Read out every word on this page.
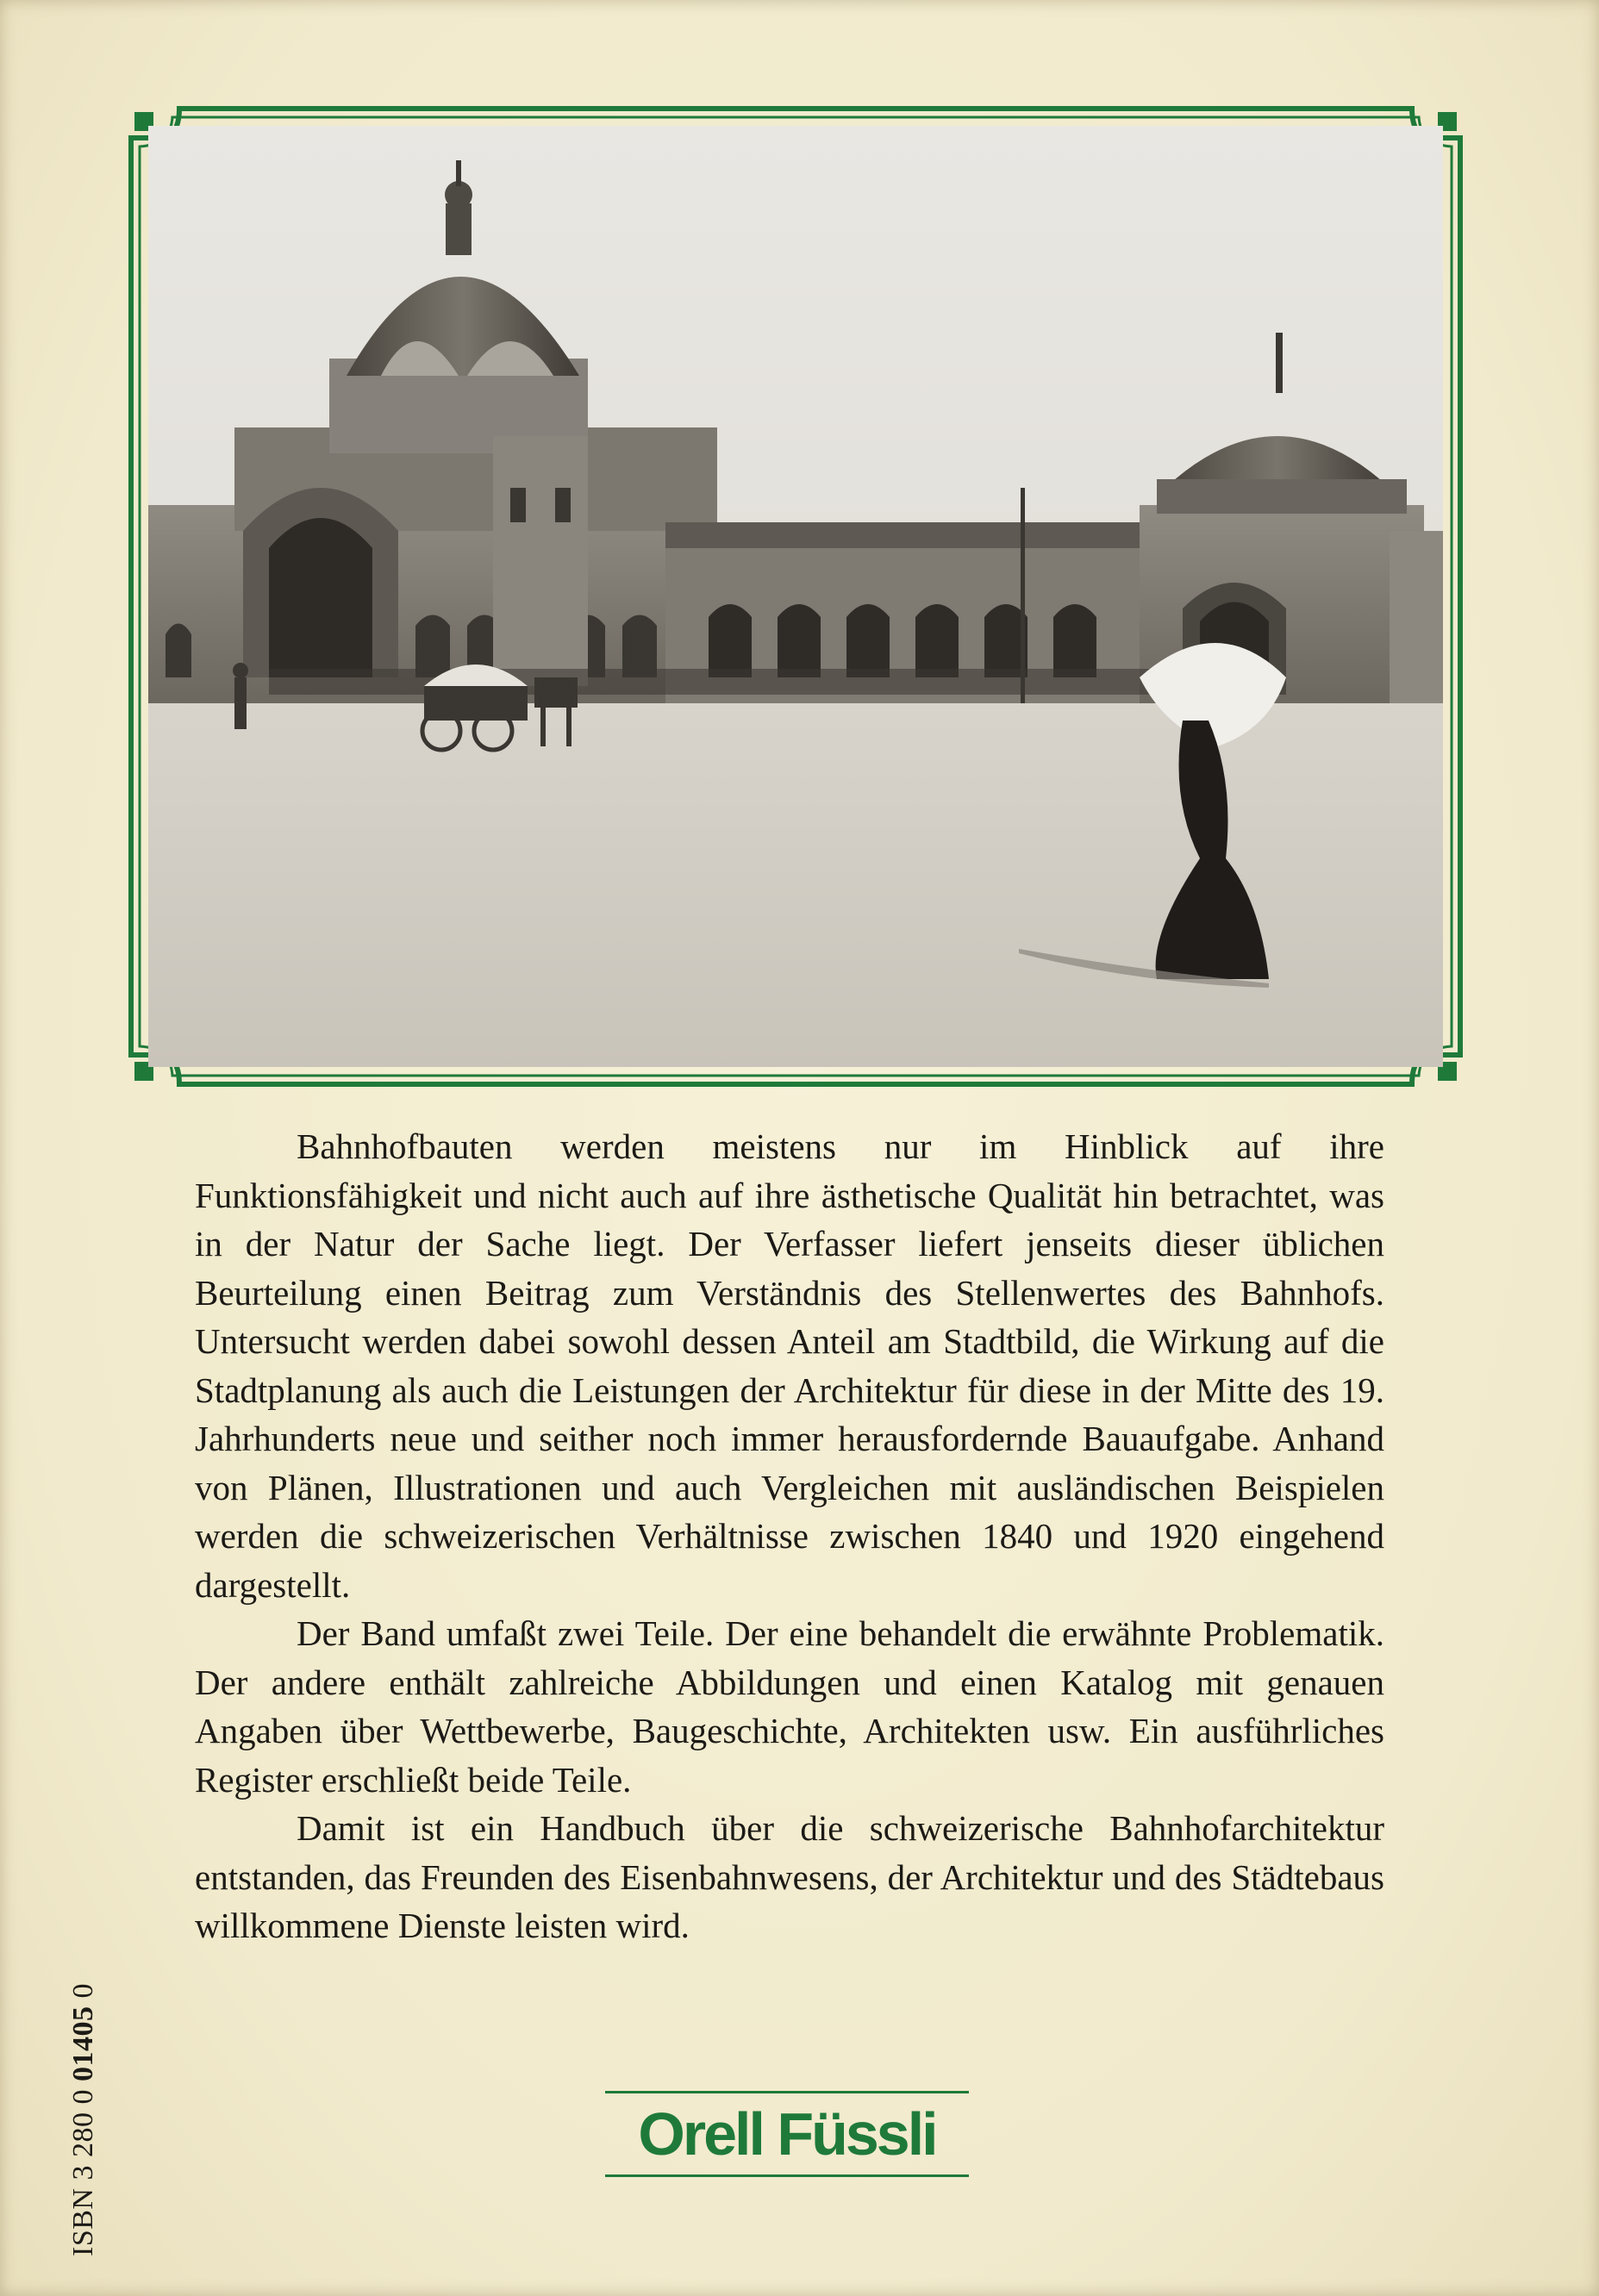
Bahnhofbauten werden meistens nur im Hinblick auf ihre Funktionsfähigkeit und nicht auch auf ihre ästhetische Qualität hin betrachtet, was in der Natur der Sache liegt. Der Verfasser liefert jenseits dieser üblichen Beurteilung einen Beitrag zum Verständnis des Stellenwertes des Bahnhofs. Untersucht werden dabei sowohl dessen Anteil am Stadtbild, die Wirkung auf die Stadtplanung als auch die Leistungen der Architektur für diese in der Mitte des 19. Jahrhunderts neue und seither noch immer herausfordernde Bauaufgabe. Anhand von Plänen, Illustrationen und auch Vergleichen mit ausländischen Beispielen werden die schweizerischen Verhältnisse zwischen 1840 und 1920 eingehend dargestellt.

Der Band umfaßt zwei Teile. Der eine behandelt die erwähnte Problematik. Der andere enthält zahlreiche Abbildungen und einen Katalog mit genauen Angaben über Wettbewerbe, Baugeschichte, Architekten usw. Ein ausführliches Register erschließt beide Teile.

Damit ist ein Handbuch über die schweizerische Bahnhofarchitektur entstanden, das Freunden des Eisenbahnwesens, der Architektur und des Städtebaus willkommene Dienste leisten wird.

Orell Füssli
ISBN 3 280 0 01405 0
